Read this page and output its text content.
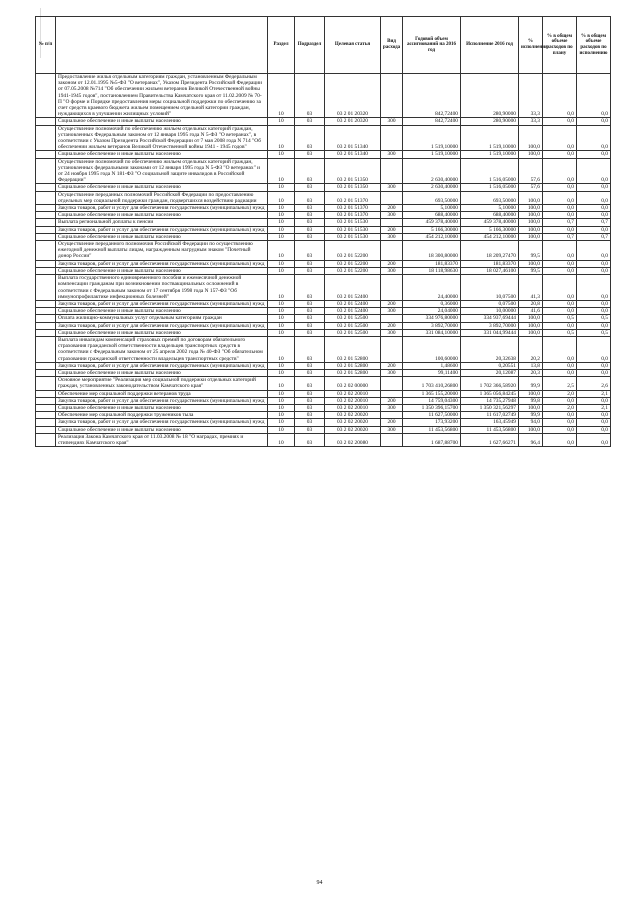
№ п/п		Раздел	Подраздел	Целевая статья	Вид расхода	Годовой объем ассигнований на 2016 год	Исполнение 2016 год	% исполнения	% в общем объеме расходов по плану	% в общем объеме расходов по исполнению
	Предоставление жилья отдельным категориям граждан, установленным Федеральным законом от 12.01.1995 №5-ФЗ "О ветеранах", Указом Президента Российской Федерации от 07.05.2008 №714 "Об обеспечении жильем ветеранов Великой Отечественной войны 1941-1945 годов", постановлением Правительства Камчатского края от 11.02.2009 № 70-П "О форме и Порядке предоставления меры социальной поддержки по обеспечению за счет средств краевого бюджета жильем помещением отдельной категории граждан, нуждающихся в улучшении жилищных условий"	10	03	03 2 01 20320		842,72400	280,90000	33,3	0,0	0,0
	Социальное обеспечение и иные выплаты населению	10	03	03 2 01 20320	300	842,72400	280,90000	33,3	0,0	0,0
	Осуществление полномочий по обеспечению жильем отдельных категорий граждан, установленных Федеральным законом от 12 января 1995 года N 5-ФЗ "О ветеранах", в соответствии с Указом Президента Российской Федерации от 7 мая 2008 года N 714 "Об обеспечении жильем ветеранов Великой Отечественной войны 1941 - 1945 годов"	10	03	03 2 01 51340		1 519,10000	1 519,10000	100,0	0,0	0,0
	Социальное обеспечение и иные выплаты населению	10	03	03 2 01 51340	300	1 519,10000	1 519,10000	100,0	0,0	0,0
	Осуществление полномочий по обеспечению жильем отдельных категорий граждан, установленных федеральными законами от 12 января 1995 года N 5-ФЗ "О ветеранах" и от 24 ноября 1995 года N 181-ФЗ "О социальной защите инвалидов в Российской Федерации"	10	03	03 2 01 51350		2 630,40000	1 516,05000	57,6	0,0	0,0
	Социальное обеспечение и иные выплаты населению	10	03	03 2 01 51350	300	2 630,40000	1 516,05000	57,6	0,0	0,0
	Осуществление переданных полномочий Российской Федерации по предоставлению отдельных мер социальной поддержки граждан, подвергшихся воздействию радиации	10	03	03 2 01 51370		693,50000	693,50000	100,0	0,0	0,0
	Закупка товаров, работ и услуг для обеспечения государственных (муниципальных) нужд	10	03	03 2 01 51370	200	5,10000	5,10000	100,0	0,0	0,0
	Социальное обеспечение и иные выплаты населению	10	03	03 2 01 51370	300	688,40000	688,40000	100,0	0,0	0,0
	Выплата региональной доплаты к пенсии	10	03	03 2 01 51530		459 378,40000	459 378,40000	100,0	0,7	0,7
	Закупка товаров, работ и услуг для обеспечения государственных (муниципальных) нужд	10	03	03 2 01 51530	200	5 166,30000	5 166,30000	100,0	0,0	0,0
	Социальное обеспечение и иные выплаты населению	10	03	03 2 01 51530	300	454 212,10000	454 212,10000	100,0	0,7	0,7
	Осуществление переданного полномочия Российской Федерации по осуществлению ежегодной денежной выплаты лицам, награжденным нагрудным знаком "Почетный донор России"	10	03	03 2 01 52200		18 300,80000	18 209,27470	99,5	0,0	0,0
	Закупка товаров, работ и услуг для обеспечения государственных (муниципальных) нужд	10	03	03 2 01 52200	200	181,83370	181,83370	100,0	0,0	0,0
	Социальное обеспечение и иные выплаты населению	10	03	03 2 01 52200	300	18 118,98630	18 027,46100	99,5	0,0	0,0
	Выплата государственного единовременного пособия и ежемесячной денежной компенсации гражданам при возникновении поствакцинальных осложнений в соответствии с Федеральным законом от 17 сентября 1998 года N 157-ФЗ "Об иммунопрофилактике инфекционных болезней"	10	03	03 2 01 52400		24,40000	10,07500	41,3	0,0	0,0
	Закупка товаров, работ и услуг для обеспечения государственных (муниципальных) нужд	10	03	03 2 01 52400	200	0,36000	0,07500	20,8	0,0	0,0
	Социальное обеспечение и иные выплаты населению	10	03	03 2 01 52400	300	24,04000	10,00000	41,6	0,0	0,0
	Оплата жилищно-коммунальных услуг отдельным категориям граждан	10	03	03 2 01 52500		334 976,80000	334 937,69444	100,0	0,5	0,5
	Закупка товаров, работ и услуг для обеспечения государственных (муниципальных) нужд	10	03	03 2 01 52500	200	3 892,70000	3 892,70000	100,0	0,0	0,0
	Социальное обеспечение и иные выплаты населению	10	03	03 2 01 52500	300	331 084,10000	331 044,99444	100,0	0,5	0,5
	Выплата инвалидам компенсаций страховых премий по договорам обязательного страхования гражданской ответственности владельцев транспортных средств в соответствии с Федеральным законом от 25 апреля 2002 года № 40-ФЗ "Об обязательном страховании гражданской ответственности владельцев транспортных средств"	10	03	03 2 01 52800		100,60000	20,32638	20,2	0,0	0,0
	Закупка товаров, работ и услуг для обеспечения государственных (муниципальных) нужд	10	03	03 2 01 52800	200	1,48600	0,20551	13,8	0,0	0,0
	Социальное обеспечение и иные выплаты населению	10	03	03 2 01 52800	300	99,11400	20,12087	20,3	0,0	0,0
	Основное мероприятие "Реализация мер социальной поддержки отдельных категорий граждан, установленных законодательством Камчатского края"	10	03	03 2 02 00000		1 703 410,26800	1 702 366,58920	99,9	2,5	2,6
	Обеспечение мер социальной поддержки ветеранов труда	10	03	03 2 02 20010		1 365 155,20000	1 365 056,84245	100,0	2,0	2,1
	Закупка товаров, работ и услуг для обеспечения государственных (муниципальных) нужд	10	03	03 2 02 20010	200	14 759,04300	14 735,27948	99,8	0,0	0,0
	Социальное обеспечение и иные выплаты населению	10	03	03 2 02 20010	300	1 350 396,15700	1 350 321,56297	100,0	2,0	2,1
	Обеспечение мер социальной поддержки тружеников тыла	10	03	03 2 02 20020		11 627,50000	11 617,02749	99,9	0,0	0,0
	Закупка товаров, работ и услуг для обеспечения государственных (муниципальных) нужд	10	03	03 2 02 20020	200	173,93200	163,45949	94,0	0,0	0,0
	Социальное обеспечение и иные выплаты населению	10	03	03 2 02 20020	300	11 453,56800	11 453,56800	100,0	0,0	0,0
	Реализация Закона Камчатского края от 11.03.2008 № 18 "О наградах, премиях и стипендиях Камчатского края"	10	03	03 2 02 20080		1 687,88700	1 627,66271	96,4	0,0	0,0
94
